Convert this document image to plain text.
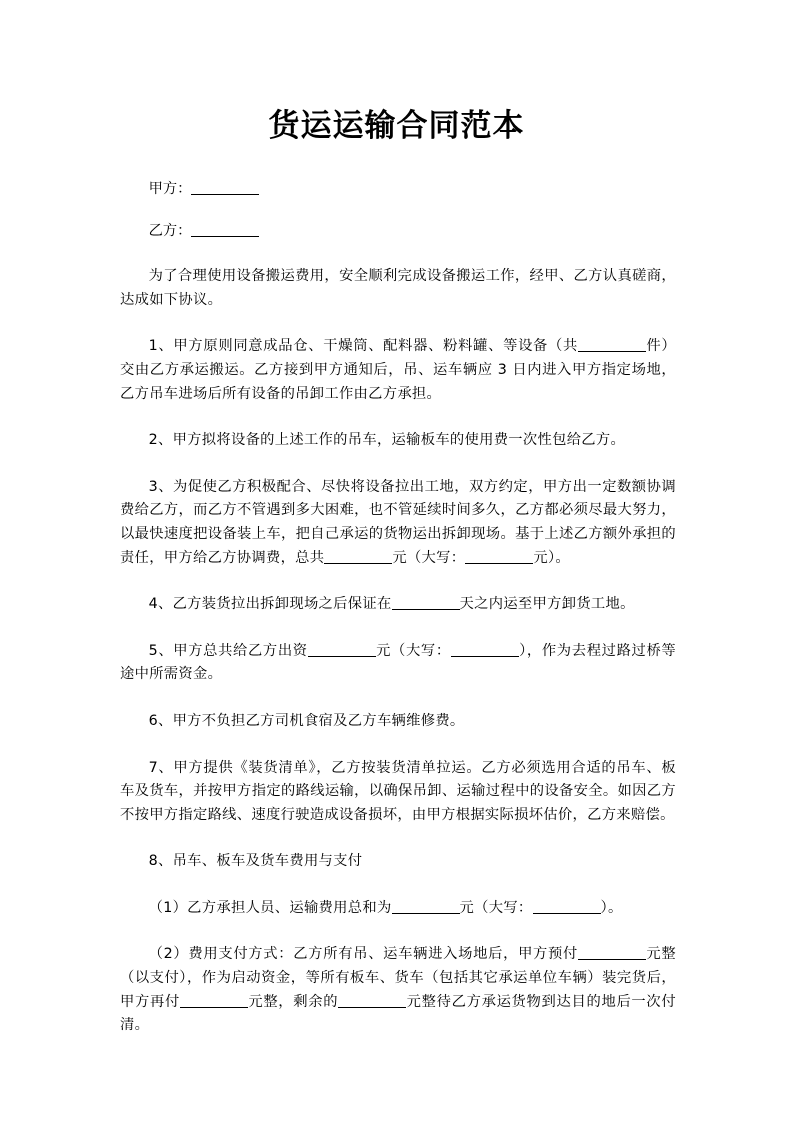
货运运输合同范本

甲方：

乙方：

为了合理使用设备搬运费用，安全顺利完成设备搬运工作，经甲、乙方认真磋商，达成如下协议。

1、甲方原则同意成品仓、干燥筒、配料器、粉料罐、等设备（共	件）交由乙方承运搬运。乙方接到甲方通知后，吊、运车辆应 3 日内进入甲方指定场地，乙方吊车进场后所有设备的吊卸工作由乙方承担。

2、甲方拟将设备的上述工作的吊车，运输板车的使用费一次性包给乙方。

3、为促使乙方积极配合、尽快将设备拉出工地，双方约定，甲方出一定数额协调费给乙方，而乙方不管遇到多大困难，也不管延续时间多久，乙方都必须尽最大努力，以最快速度把设备装上车，把自己承运的货物运出拆卸现场。基于上述乙方额外承担的责任，甲方给乙方协调费，总共	元（大写：	元）。

4、乙方装货拉出拆卸现场之后保证在	天之内运至甲方卸货工地。

5、甲方总共给乙方出资	元（大写：	），作为去程过路过桥等途中所需资金。

6、甲方不负担乙方司机食宿及乙方车辆维修费。

7、甲方提供《装货清单》，乙方按装货清单拉运。乙方必须选用合适的吊车、板车及货车，并按甲方指定的路线运输，以确保吊卸、运输过程中的设备安全。如因乙方不按甲方指定路线、速度行驶造成设备损坏，由甲方根据实际损坏估价，乙方来赔偿。

8、吊车、板车及货车费用与支付

（1）乙方承担人员、运输费用总和为	元（大写：	）。

（2）费用支付方式：乙方所有吊、运车辆进入场地后，甲方预付	元整（以支付），作为启动资金，等所有板车、货车（包括其它承运单位车辆）装完货后，甲方再付	元整，剩余的	元整待乙方承运货物到达目的地后一次付清。
